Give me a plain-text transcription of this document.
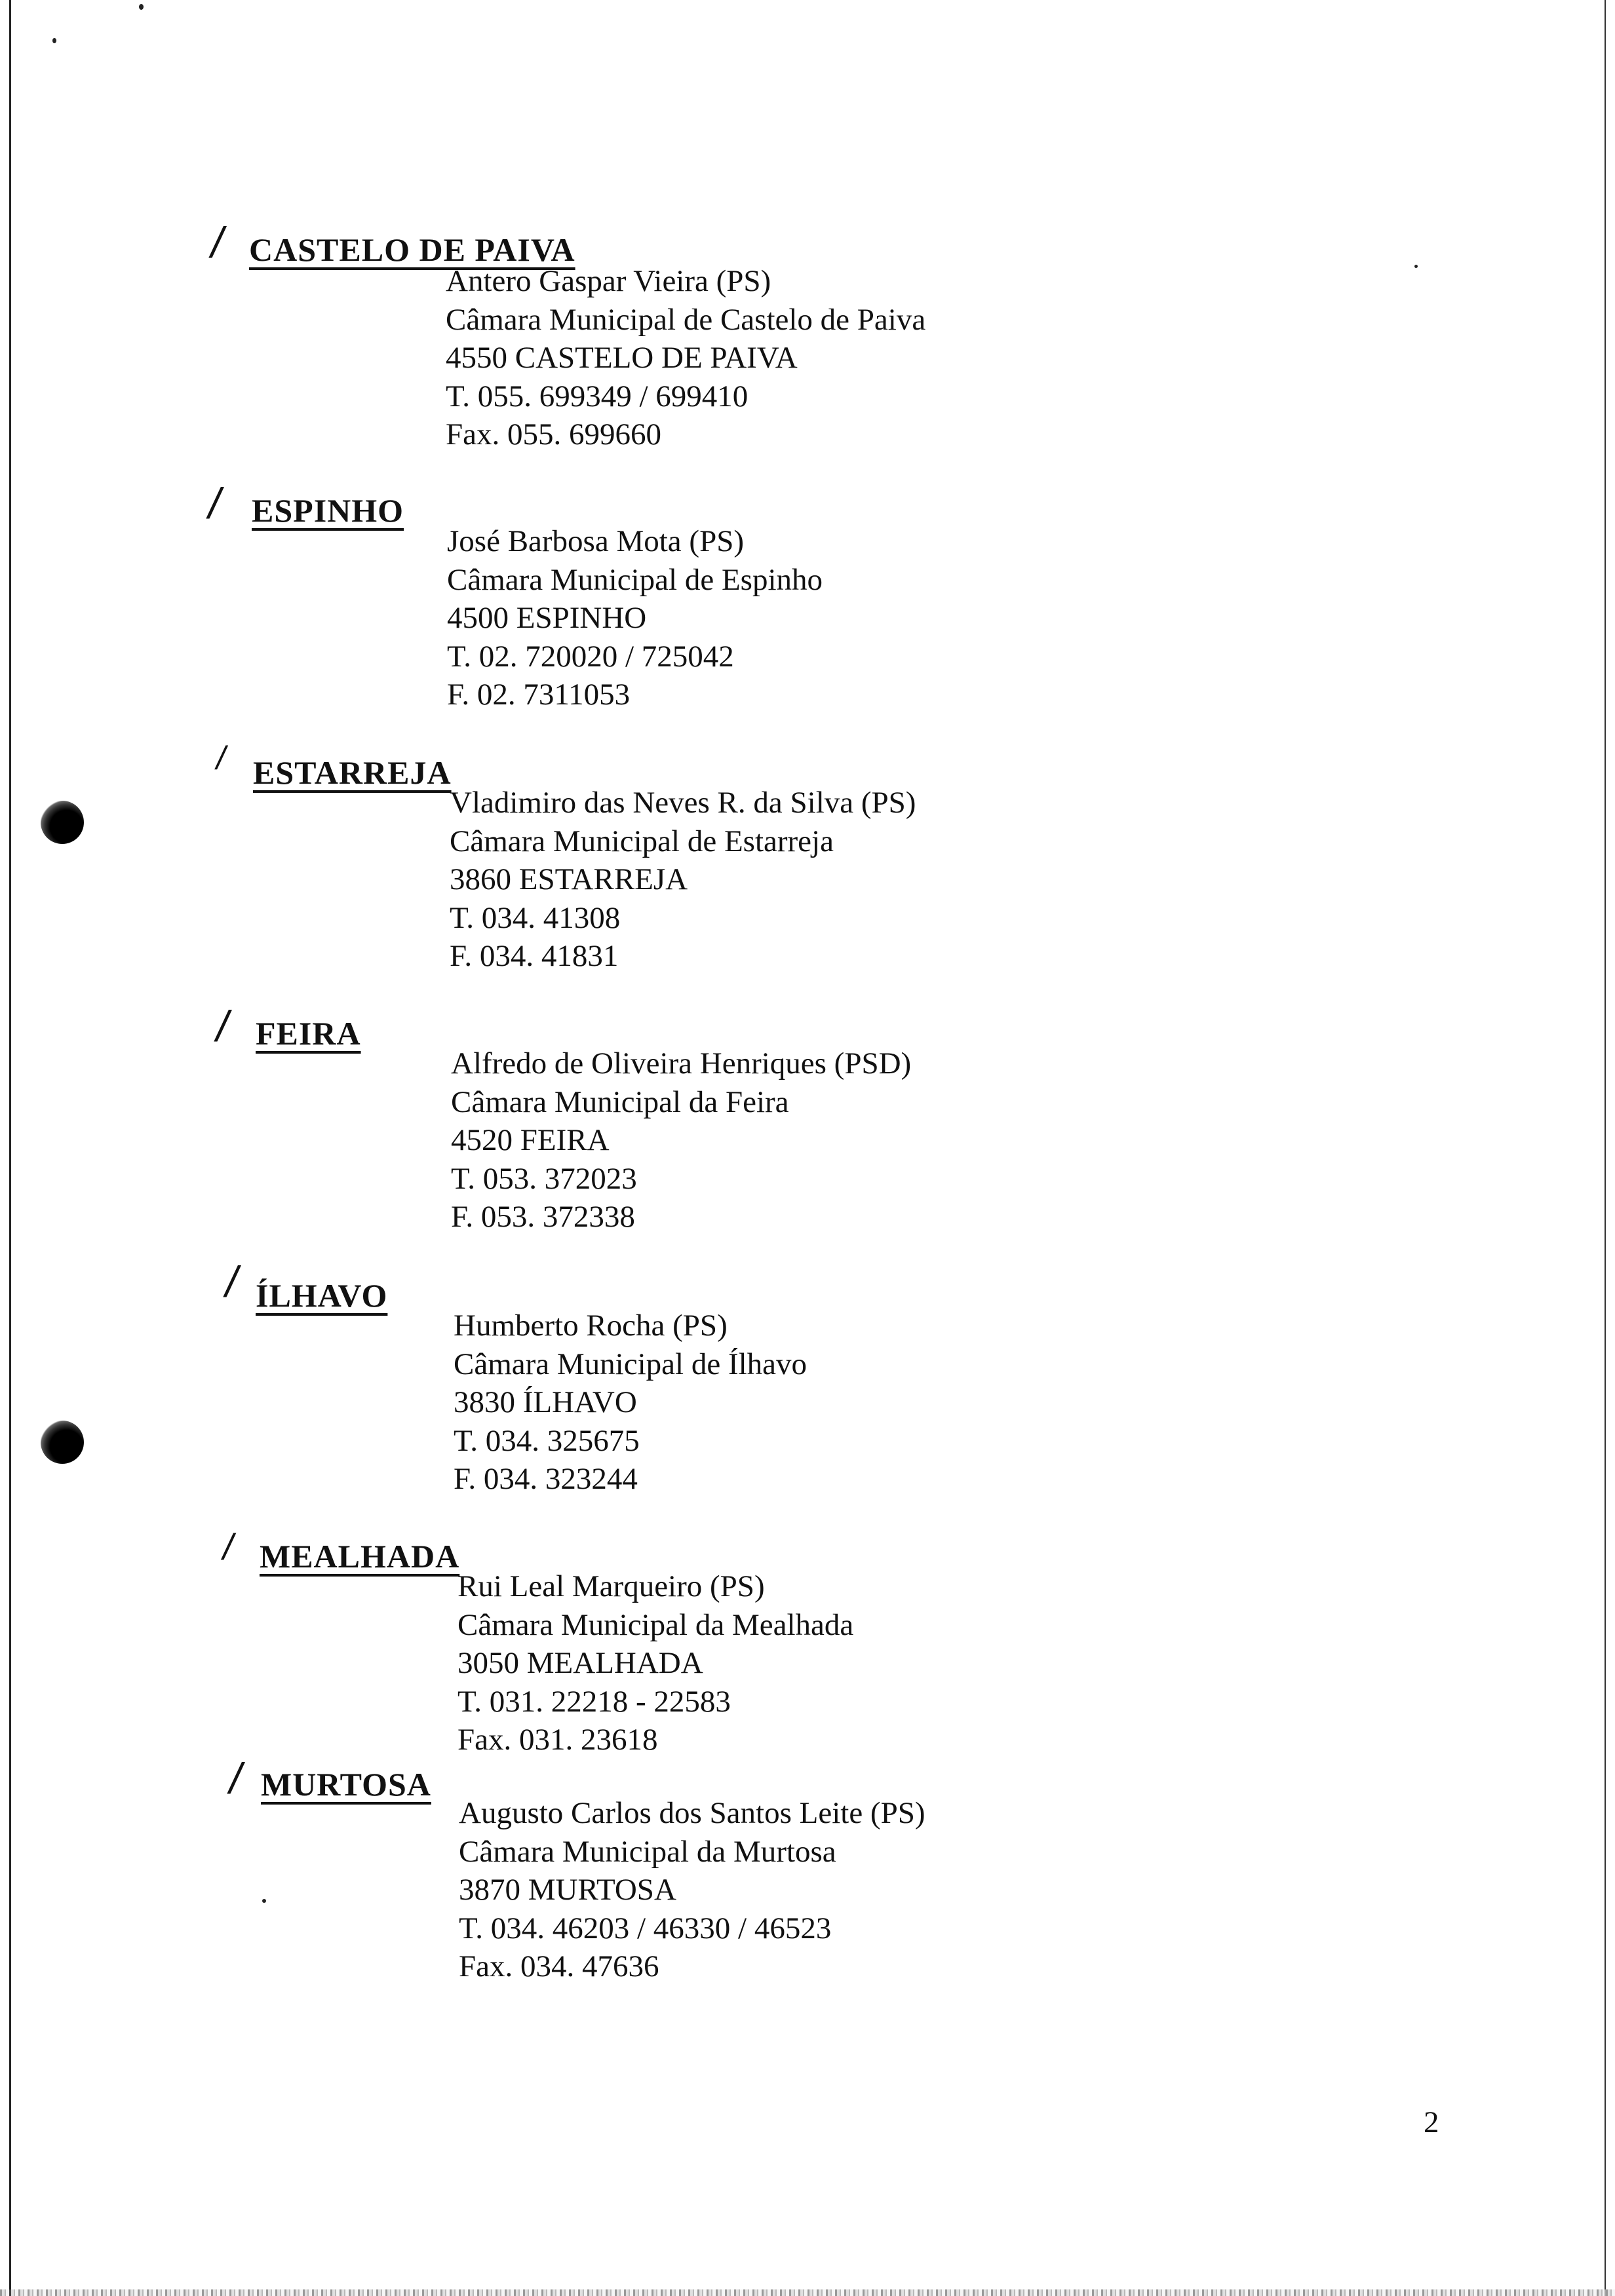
/ CASTELO DE PAIVA
Antero Gaspar Vieira (PS)
Câmara Municipal de Castelo de Paiva
4550 CASTELO DE PAIVA
T. 055. 699349 / 699410
Fax. 055. 699660
/ ESPINHO
José Barbosa Mota (PS)
Câmara Municipal de Espinho
4500 ESPINHO
T. 02. 720020 / 725042
F. 02. 7311053
/ ESTARREJA
Vladimiro das Neves R. da Silva (PS)
Câmara Municipal de Estarreja
3860 ESTARREJA
T. 034. 41308
F. 034. 41831
/ FEIRA
Alfredo de Oliveira Henriques (PSD)
Câmara Municipal da Feira
4520 FEIRA
T. 053. 372023
F. 053. 372338
/ ÍLHAVO
Humberto Rocha (PS)
Câmara Municipal de Ílhavo
3830 ÍLHAVO
T. 034. 325675
F. 034. 323244
/ MEALHADA
Rui Leal Marqueiro (PS)
Câmara Municipal da Mealhada
3050 MEALHADA
T. 031. 22218 - 22583
Fax. 031. 23618
/ MURTOSA
Augusto Carlos dos Santos Leite (PS)
Câmara Municipal da Murtosa
3870 MURTOSA
T. 034. 46203 / 46330 / 46523
Fax. 034. 47636
2
